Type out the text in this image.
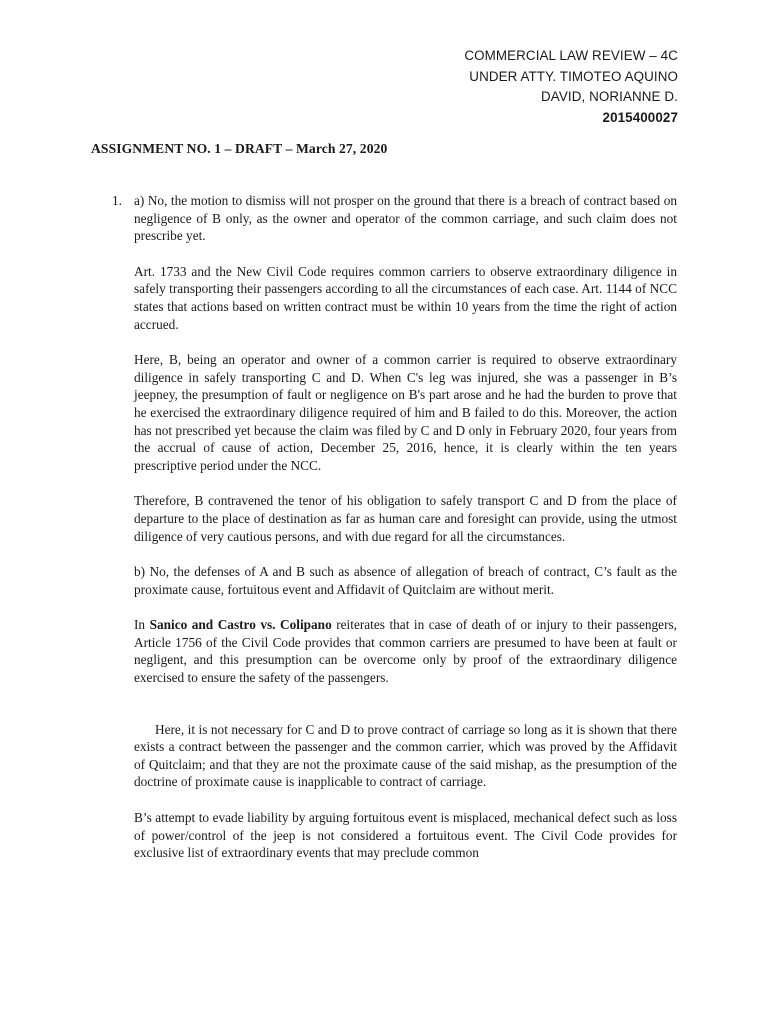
COMMERCIAL LAW REVIEW – 4C
UNDER ATTY. TIMOTEO AQUINO
DAVID, NORIANNE D.
2015400027
ASSIGNMENT NO. 1 – DRAFT – March 27, 2020
1. a) No, the motion to dismiss will not prosper on the ground that there is a breach of contract based on negligence of B only, as the owner and operator of the common carriage, and such claim does not prescribe yet.

Art. 1733 and the New Civil Code requires common carriers to observe extraordinary diligence in safely transporting their passengers according to all the circumstances of each case. Art. 1144 of NCC states that actions based on written contract must be within 10 years from the time the right of action accrued.

Here, B, being an operator and owner of a common carrier is required to observe extraordinary diligence in safely transporting C and D. When C's leg was injured, she was a passenger in B’s jeepney, the presumption of fault or negligence on B's part arose and he had the burden to prove that he exercised the extraordinary diligence required of him and B failed to do this. Moreover, the action has not prescribed yet because the claim was filed by C and D only in February 2020, four years from the accrual of cause of action, December 25, 2016, hence, it is clearly within the ten years prescriptive period under the NCC.

Therefore, B contravened the tenor of his obligation to safely transport C and D from the place of departure to the place of destination as far as human care and foresight can provide, using the utmost diligence of very cautious persons, and with due regard for all the circumstances.

b) No, the defenses of A and B such as absence of allegation of breach of contract, C’s fault as the proximate cause, fortuitous event and Affidavit of Quitclaim are without merit.

In Sanico and Castro vs. Colipano reiterates that in case of death of or injury to their passengers, Article 1756 of the Civil Code provides that common carriers are presumed to have been at fault or negligent, and this presumption can be overcome only by proof of the extraordinary diligence exercised to ensure the safety of the passengers.

Here, it is not necessary for C and D to prove contract of carriage so long as it is shown that there exists a contract between the passenger and the common carrier, which was proved by the Affidavit of Quitclaim; and that they are not the proximate cause of the said mishap, as the presumption of the doctrine of proximate cause is inapplicable to contract of carriage.

B’s attempt to evade liability by arguing fortuitous event is misplaced, mechanical defect such as loss of power/control of the jeep is not considered a fortuitous event. The Civil Code provides for exclusive list of extraordinary events that may preclude common
